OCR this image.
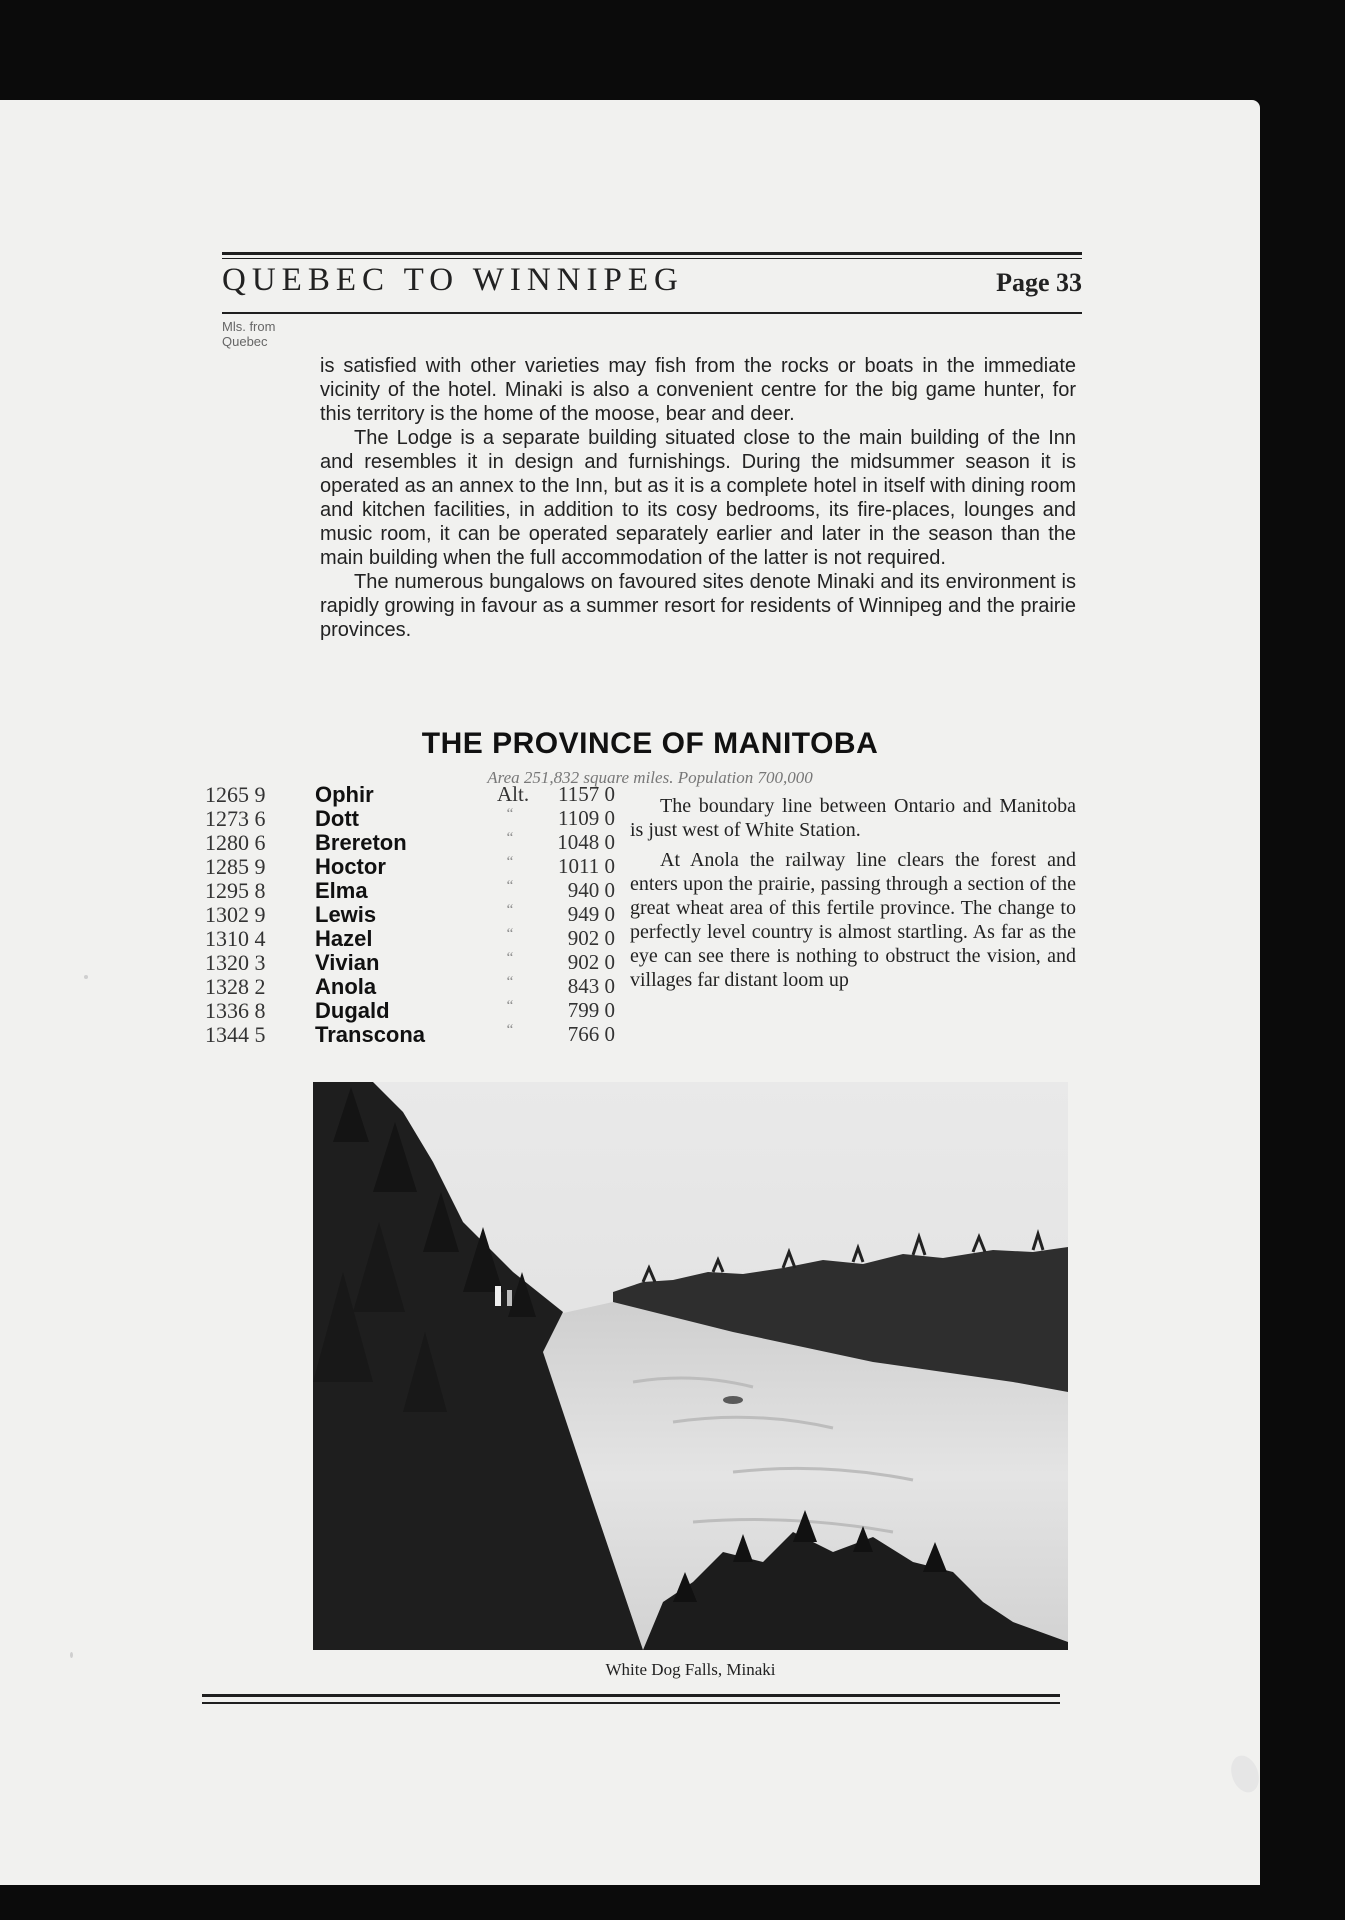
QUEBEC TO WINNIPEG	Page 33
Mls. from
Quebec

is satisfied with other varieties may fish from the rocks or boats in the immediate vicinity of the hotel. Minaki is also a convenient centre for the big game hunter, for this territory is the home of the moose, bear and deer.

The Lodge is a separate building situated close to the main building of the Inn and resembles it in design and furnishings. During the midsummer season it is operated as an annex to the Inn, but as it is a complete hotel in itself with dining room and kitchen facilities, in addition to its cosy bedrooms, its fire-places, lounges and music room, it can be operated separately earlier and later in the season than the main building when the full accommodation of the latter is not required.

The numerous bungalows on favoured sites denote Minaki and its environment is rapidly growing in favour as a summer resort for residents of Winnipeg and the prairie provinces.

THE PROVINCE OF MANITOBA
Area 251,832 square miles. Population 700,000
1265 9	Ophir	Alt.	1157 0
1273 6	Dott	“	1109 0
1280 6	Brereton	“	1048 0
1285 9	Hoctor	“	1011 0
1295 8	Elma	“	940 0
1302 9	Lewis	“	949 0
1310 4	Hazel	“	902 0
1320 3	Vivian	“	902 0
1328 2	Anola	“	843 0
1336 8	Dugald	“	799 0
1344 5	Transcona	“	766 0

The boundary line between Ontario and Manitoba is just west of White Station.

At Anola the railway line clears the forest and enters upon the prairie, passing through a section of the great wheat area of this fertile province. The change to perfectly level country is almost startling. As far as the eye can see there is nothing to obstruct the vision, and villages far distant loom up

White Dog Falls, Minaki
